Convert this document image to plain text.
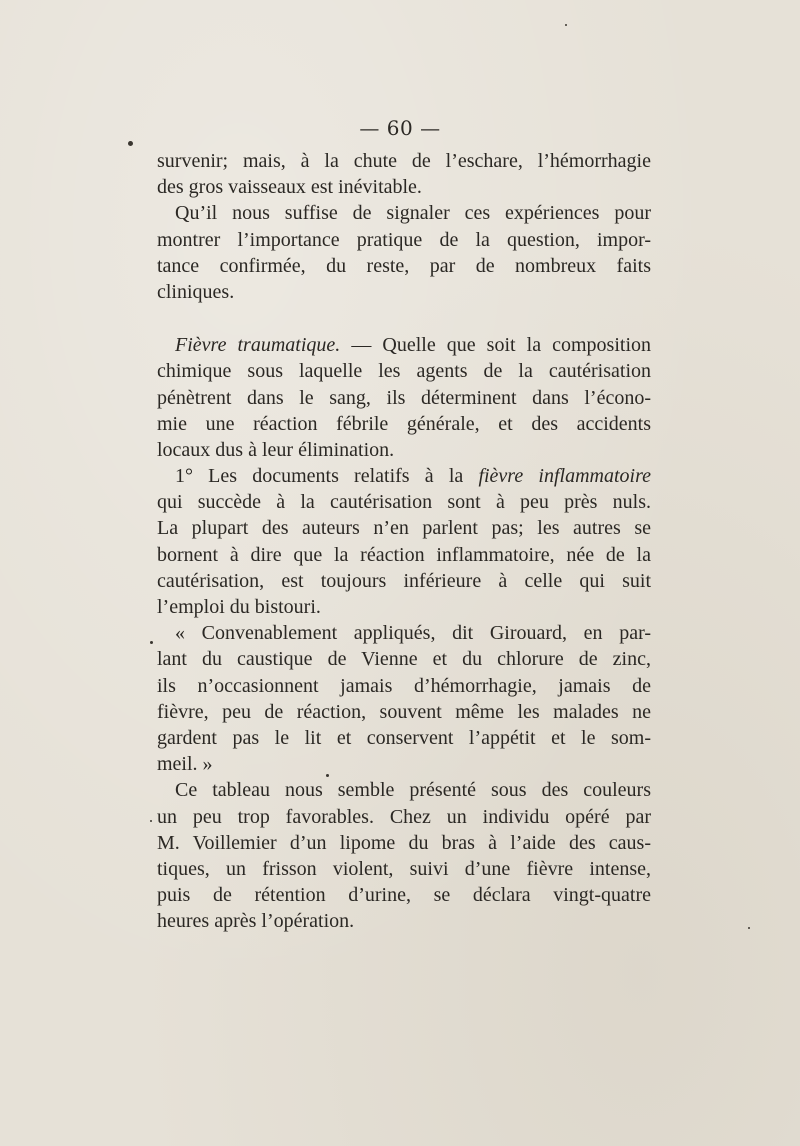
— 60 —
survenir; mais, à la chute de l’eschare, l’hémorrhagie
des gros vaisseaux est inévitable.
Qu’il nous suffise de signaler ces expériences pour
montrer l’importance pratique de la question, impor-
tance confirmée, du reste, par de nombreux faits
cliniques.
Fièvre traumatique. — Quelle que soit la composition
chimique sous laquelle les agents de la cautérisation
pénètrent dans le sang, ils déterminent dans l’écono-
mie une réaction fébrile générale, et des accidents
locaux dus à leur élimination.
1° Les documents relatifs à la fièvre inflammatoire
qui succède à la cautérisation sont à peu près nuls.
La plupart des auteurs n’en parlent pas; les autres se
bornent à dire que la réaction inflammatoire, née de la
cautérisation, est toujours inférieure à celle qui suit
l’emploi du bistouri.
« Convenablement appliqués, dit Girouard, en par-
lant du caustique de Vienne et du chlorure de zinc,
ils n’occasionnent jamais d’hémorrhagie, jamais de
fièvre, peu de réaction, souvent même les malades ne
gardent pas le lit et conservent l’appétit et le som-
meil. »
Ce tableau nous semble présenté sous des couleurs
un peu trop favorables. Chez un individu opéré par
M. Voillemier d’un lipome du bras à l’aide des caus-
tiques, un frisson violent, suivi d’une fièvre intense,
puis de rétention d’urine, se déclara vingt-quatre
heures après l’opération.
